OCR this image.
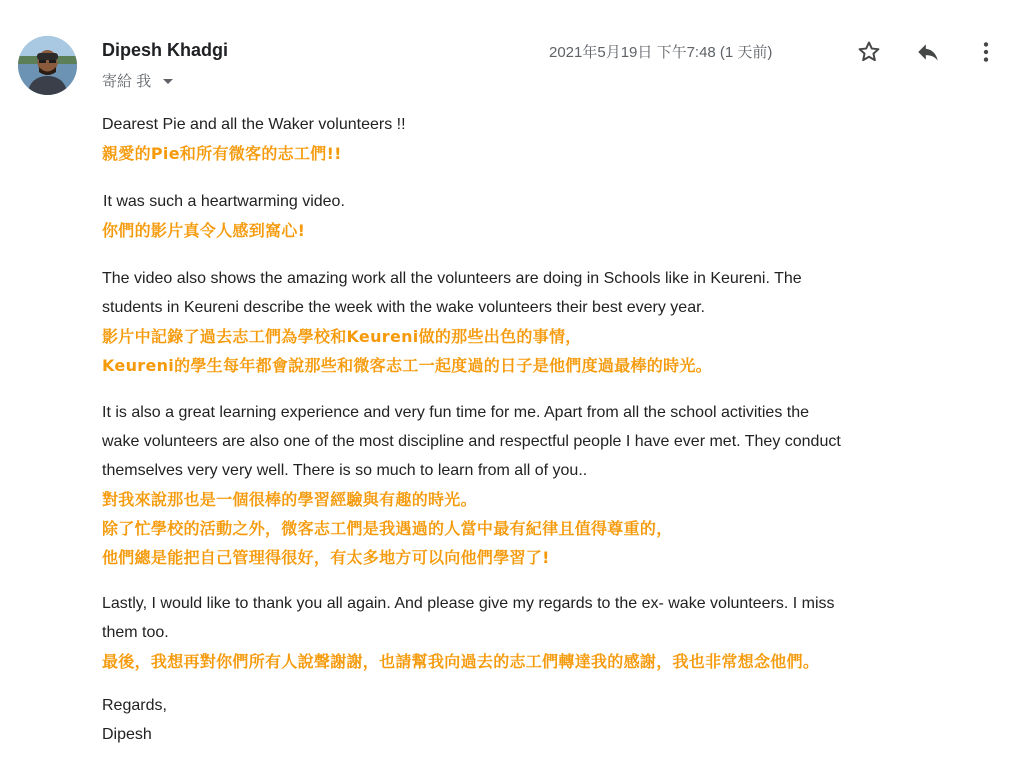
Dipesh Khadgi
寄給 我
2021年5月19日 下午7:48 (1 天前)

Dearest Pie and all the Waker volunteers !!

親愛的Pie和所有微客的志工們!!

It was such a heartwarming video.

你們的影片真令人感到窩心!

The video also shows the amazing work all the volunteers are doing in Schools like in Keureni. The

students in Keureni describe the week with the wake volunteers their best every year.

影片中記錄了過去志工們為學校和Keureni做的那些出色的事情，

Keureni的學生每年都會說那些和微客志工一起度過的日子是他們度過最棒的時光。

It is also a great learning experience and very fun time for me. Apart from all the school activities the

wake volunteers are also one of the most discipline and respectful people I have ever met. They conduct

themselves very very well. There is so much to learn from all of you..

對我來說那也是一個很棒的學習經驗與有趣的時光。

除了忙學校的活動之外，微客志工們是我遇過的人當中最有紀律且值得尊重的，

他們總是能把自己管理得很好，有太多地方可以向他們學習了!

Lastly, I would like to thank you all again. And please give my regards to the ex- wake volunteers. I miss

them too.

最後，我想再對你們所有人說聲謝謝，也請幫我向過去的志工們轉達我的感謝，我也非常想念他們。

Regards,

Dipesh
